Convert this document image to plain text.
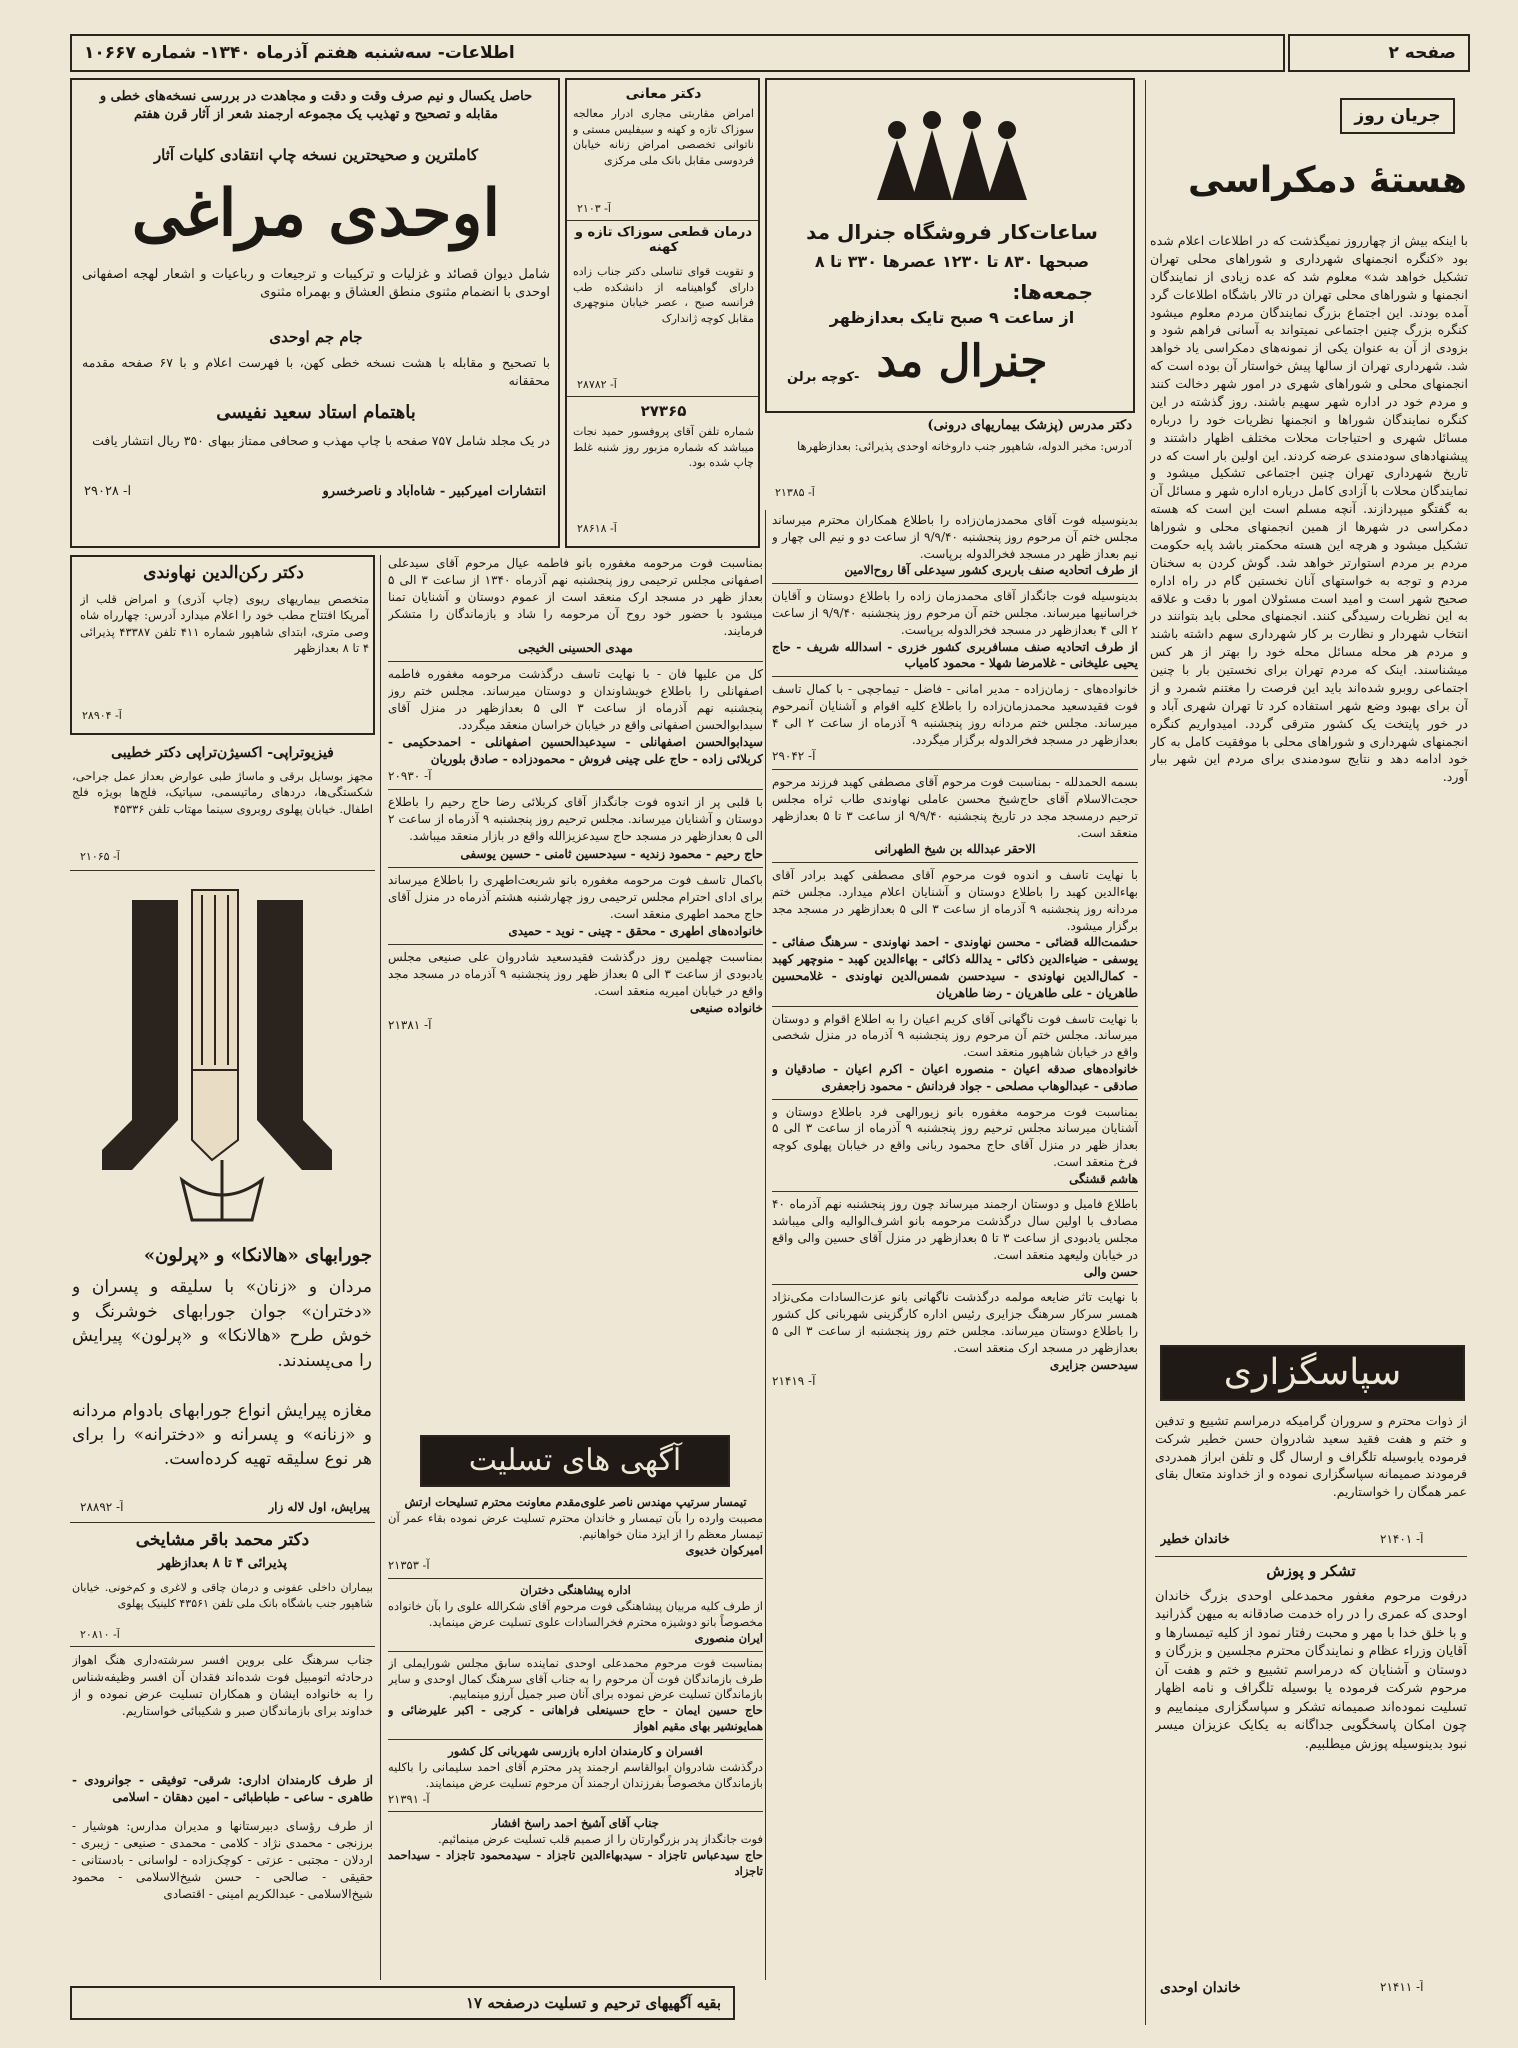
اطلاعات- سه‌شنبه هفتم آذرماه ۱۳۴۰- شماره ۱۰۶۶۷	صفحه ۲
جریان روز
هستهٔ دمکراسی
با اینکه بیش از چهارروز نمیگذشت که در اطلاعات اعلام شده بود «کنگره انجمنهای شهرداری و شوراهای محلی تهران تشکیل خواهد شد» معلوم شد که عده زیادی از نمایندگان انجمنها و شوراهای محلی تهران در تالار باشگاه اطلاعات گرد آمده بودند. این اجتماع بزرگ نمایندگان مردم معلوم میشود کنگره بزرگ چنین اجتماعی نمیتواند به آسانی فراهم شود و بزودی از آن به عنوان یکی از نمونه‌های دمکراسی یاد خواهد شد. شهرداری تهران از سالها پیش خواستار آن بوده است که انجمنهای محلی و شوراهای شهری در امور شهر دخالت کنند و مردم خود در اداره شهر سهیم باشند. روز گذشته در این کنگره نمایندگان شوراها و انجمنها نظریات خود را درباره مسائل شهری و احتیاجات محلات مختلف اظهار داشتند و پیشنهادهای سودمندی عرضه کردند. این اولین بار است که در تاریخ شهرداری تهران چنین اجتماعی تشکیل میشود و نمایندگان محلات با آزادی کامل درباره اداره شهر و مسائل آن به گفتگو میپردازند. آنچه مسلم است این است که هسته دمکراسی در شهرها از همین انجمنهای محلی و شوراها تشکیل میشود و هرچه این هسته محکمتر باشد پایه حکومت مردم بر مردم استوارتر خواهد شد. گوش کردن به سخنان مردم و توجه به خواستهای آنان نخستین گام در راه اداره صحیح شهر است و امید است مسئولان امور با دقت و علاقه به این نظریات رسیدگی کنند. انجمنهای محلی باید بتوانند در انتخاب شهردار و نظارت بر کار شهرداری سهم داشته باشند و مردم هر محله مسائل محله خود را بهتر از هر کس میشناسند. اینک که مردم تهران برای نخستین بار با چنین اجتماعی روبرو شده‌اند باید این فرصت را مغتنم شمرد و از آن برای بهبود وضع شهر استفاده کرد تا تهران شهری آباد و در خور پایتخت یک کشور مترقی گردد. امیدواریم کنگره انجمنهای شهرداری و شوراهای محلی با موفقیت کامل به کار خود ادامه دهد و نتایج سودمندی برای مردم این شهر ببار آورد.
سپاسگزاری
از ذوات محترم و سروران گرامیکه درمراسم تشییع و تدفین و ختم و هفت فقید سعید شادروان حسن خطیر شرکت فرموده یابوسیله تلگراف و ارسال گل و تلفن ابراز همدردی فرمودند صمیمانه سپاسگزاری نموده و از خداوند متعال بقای عمر همگان را خواستاریم.
خاندان خطیر	آ- ۲۱۴۰۱
تشکر و پوزش
درفوت مرحوم مغفور محمدعلی اوحدی بزرگ خاندان اوحدی که عمری را در راه خدمت صادقانه به میهن گذرانید و با خلق خدا با مهر و محبت رفتار نمود از کلیه تیمسارها و آقایان وزراء عظام و نمایندگان محترم مجلسین و بزرگان و دوستان و آشنایان که درمراسم تشییع و ختم و هفت آن مرحوم شرکت فرموده یا بوسیله تلگراف و نامه اظهار تسلیت نموده‌اند صمیمانه تشکر و سپاسگزاری مینماییم و چون امکان پاسخگویی جداگانه به یکایک عزیزان میسر نبود بدینوسیله پوزش میطلبیم.
خاندان اوحدی	آ- ۲۱۴۱۱
ساعات‌کار فروشگاه جنرال مد
صبحها ۸۳۰ تا ۱۲۳۰ عصرها ۳۳۰ تا ۸
جمعه‌ها:
از ساعت ۹ صبح تایک بعدازظهر
جنرال مد
-کوچه برلن
دکتر معانی
امراض مقاربتی مجاری ادرار معالجه سوزاک تازه و کهنه و سیفلیس مستی و ناتوانی تخصصی امراض زنانه خیابان فردوسی مقابل بانک ملی مرکزی
آ- ۲۱۰۳
درمان قطعی سوزاک تازه و کهنه
و تقویت قوای تناسلی دکتر جناب زاده دارای گواهینامه از دانشکده طب فرانسه صبح ، عصر خیابان منوچهری مقابل کوچه ژاندارک
آ- ۲۸۷۸۲
۲۷۳۶۵
شماره تلفن آقای پروفسور حمید نجات میباشد که شماره مزبور روز شنبه غلط چاپ شده بود.
آ- ۲۸۶۱۸
دکتر مدرس (پزشک بیماریهای درونی)
آدرس: مخبر الدوله، شاهپور جنب داروخانه اوحدی پذیرائی: بعدازظهرها
آ- ۲۱۳۸۵
حاصل یکسال و نیم صرف وقت و دقت و مجاهدت در بررسی نسخه‌های خطی و مقابله و تصحیح و تهذیب یک مجموعه ارجمند شعر از آثار قرن هفتم
کاملترین و صحیحترین نسخه چاپ انتقادی کلیات آثار
اوحدی مراغی
شامل دیوان قصائد و غزلیات و ترکیبات و ترجیعات و رباعیات و اشعار لهجه اصفهانی اوحدی با انضمام مثنوی منطق العشاق و بهمراه مثنوی
جام جم اوحدی
با تصحیح و مقابله با هشت نسخه خطی کهن، با فهرست اعلام و با ۶۷ صفحه مقدمه محققانه
باهتمام استاد سعید نفیسی
در یک مجلد شامل ۷۵۷ صفحه با چاپ مهذب و صحافی ممتاز ببهای ۳۵۰ ریال انتشار یافت
انتشارات امیرکبیر - شاه‌آباد و ناصرخسرو
آ- ۲۹۰۲۸
دکتر رکن‌الدین نهاوندی
متخصص بیماریهای ریوی (چاپ آذری) و امراض قلب از آمریکا افتتاح مطب خود را اعلام میدارد آدرس: چهارراه شاه وصی متری، ابتدای شاهپور شماره ۴۱۱ تلفن ۴۳۳۸۷ پذیرائی ۴ تا ۸ بعدازظهر
آ- ۲۸۹۰۴
فیزیوتراپی- اکسیژن‌تراپی دکتر خطیبی
مجهز بوسایل برقی و ماساژ طبی عوارض بعداز عمل جراحی، شکستگی‌ها، دردهای رماتیسمی، سیاتیک، فلج‌ها بویژه فلج اطفال. خیابان پهلوی روبروی سینما مهتاب تلفن ۴۵۳۳۶
آ- ۲۱۰۶۵
جورابهای «هالانکا» و «پرلون»
مردان و «زنان» با سلیقه و پسران و «دختران» جوان جورابهای خوشرنگ و خوش طرح «هالانکا» و «پرلون» پیرایش را می‌پسندند.
مغازه پیرایش انواع جورابهای بادوام مردانه و «زنانه» و پسرانه و «دخترانه» را برای هر نوع سلیقه تهیه کرده‌است.
آ- ۲۸۸۹۲	پیرایش، اول لاله زار
دکتر محمد باقر مشایخی
پذیرائی ۴ تا ۸ بعدازظهر
بیماران داخلی عفونی و درمان چاقی و لاغری و کم‌خونی. خیابان شاهپور جنب باشگاه بانک ملی تلفن ۴۳۵۶۱ کلینیک پهلوی
آ- ۲۰۸۱۰
جناب سرهنگ علی بروین افسر سرشته‌داری هنگ اهواز درحادثه اتومبیل فوت شده‌اند فقدان آن افسر وظیفه‌شناس را به خانواده ایشان و همکاران تسلیت عرض نموده و از خداوند برای بازماندگان صبر و شکیبائی خواستاریم.
از طرف کارمندان اداری: شرقی- توفیقی - جوانرودی - طاهری - ساعی - طباطبائی - امین دهقان - اسلامی
از طرف رؤسای دبیرستانها و مدیران مدارس: هوشیار - برزنجی - محمدی نژاد - کلامی - محمدی - صنیعی - زیبری - اردلان - مجتبی - عزتی - کوچک‌زاده - لواسانی - بادستانی - حقیقی - صالحی - حسن شیخ‌الاسلامی - محمود شیخ‌الاسلامی - عبدالکریم امینی - اقتصادی
بقیه آگهیهای ترحیم و تسلیت درصفحه ۱۷
بمناسبت فوت مرحومه مغفوره بانو فاطمه عیال مرحوم آقای سیدعلی اصفهانی مجلس ترحیمی روز پنجشنبه نهم آذرماه ۱۳۴۰ از ساعت ۳ الی ۵ بعداز ظهر در مسجد ارک منعقد است از عموم دوستان و آشنایان تمنا میشود با حضور خود روح آن مرحومه را شاد و بازماندگان را متشکر فرمایند.
مهدی الحسینی الخیجی
کل من علیها فان - با نهایت تاسف درگذشت مرحومه مغفوره فاطمه اصفهانلی را باطلاع خویشاوندان و دوستان میرساند. مجلس ختم روز پنجشنبه نهم آذرماه از ساعت ۳ الی ۵ بعدازظهر در منزل آقای سیدابوالحسن اصفهانی واقع در خیابان خراسان منعقد میگردد.
سیدابوالحسن اصفهانلی - سیدعبدالحسین اصفهانلی - احمدحکیمی - کربلائی زاده - حاج علی چینی فروش - محمودزاده - صادق بلوریان
آ- ۲۰۹۳۰
با قلبی پر از اندوه فوت جانگداز آقای کربلائی رضا حاج رحیم را باطلاع دوستان و آشنایان میرساند. مجلس ترحیم روز پنجشنبه ۹ آذرماه از ساعت ۲ الی ۵ بعدازظهر در مسجد حاج سیدعزیزالله واقع در بازار منعقد میباشد.
حاج رحیم - محمود زندیه - سیدحسین ثامنی - حسین یوسفی
باکمال تاسف فوت مرحومه مغفوره بانو شریعت‌اطهری را باطلاع میرساند برای ادای احترام مجلس ترحیمی روز چهارشنبه هشتم آذرماه در منزل آقای حاج محمد اطهری منعقد است.
خانواده‌های اطهری - محقق - چینی - نوید - حمیدی
بمناسبت چهلمین روز درگذشت فقیدسعید شادروان علی صنیعی مجلس یادبودی از ساعت ۳ الی ۵ بعداز ظهر روز پنجشنبه ۹ آذرماه در مسجد مجد واقع در خیابان امیریه منعقد است.
خانواده صنیعی
آ- ۲۱۳۸۱
آگهی های تسلیت
تیمسار سرتیپ مهندس ناصر علوی‌مقدم معاونت محترم تسلیحات ارتش
مصیبت وارده را بآن تیمسار و خاندان محترم تسلیت عرض نموده بقاء عمر آن تیمسار معظم را از ایزد منان خواهانیم.
امیرکوان خدیوی
آ- ۲۱۳۵۳
اداره پیشاهنگی دختران
از طرف کلیه مربیان پیشاهنگی فوت مرحوم آقای شکرالله علوی را بآن خانواده مخصوصاً بانو دوشیزه محترم فخرالسادات علوی تسلیت عرض مینماید.
ایران منصوری
بمناسبت فوت مرحوم محمدعلی اوحدی نماینده سابق مجلس شورایملی از طرف بازماندگان فوت آن مرحوم را به جناب آقای سرهنگ کمال اوحدی و سایر بازماندگان تسلیت عرض نموده برای آنان صبر جمیل آرزو مینماییم.
حاج حسین ایمان - حاج حسینعلی فراهانی - کرجی - اکبر علیرضائی و همایونشیر بهای مقیم اهواز
افسران و کارمندان اداره بازرسی شهربانی کل کشور
درگذشت شادروان ابوالقاسم ارجمند پدر محترم آقای احمد سلیمانی را باکلیه بازماندگان مخصوصاً بفرزندان ارجمند آن مرحوم تسلیت عرض مینمایند.
آ- ۲۱۳۹۱
جناب آقای آشیخ احمد راسخ افشار
فوت جانگداز پدر بزرگوارتان را از صمیم قلب تسلیت عرض مینمائیم.
حاج سیدعباس تاجزاد - سیدبهاءالدین تاجزاد - سیدمحمود تاجزاد - سیداحمد تاجزاد
بدینوسیله فوت آقای محمدزمان‌زاده را باطلاع همکاران محترم میرساند مجلس ختم آن مرحوم روز پنجشنبه ۹/۹/۴۰ از ساعت دو و نیم الی چهار و نیم بعداز ظهر در مسجد فخرالدوله برپاست.
از طرف اتحادیه صنف باربری کشور سیدعلی آقا روح‌الامین
بدینوسیله فوت جانگداز آقای محمدزمان زاده را باطلاع دوستان و آقایان خراسانیها میرساند. مجلس ختم آن مرحوم روز پنجشنبه ۹/۹/۴۰ از ساعت ۲ الی ۴ بعدازظهر در مسجد فخرالدوله برپاست.
از طرف اتحادیه صنف مسافربری کشور خزری - اسدالله شریف - حاج یحیی علیخانی - غلامرضا شهلا - محمود کامیاب
خانواده‌های - زمان‌زاده - مدیر امانی - فاضل - تیماجچی - با کمال تاسف فوت فقیدسعید محمدزمان‌زاده را باطلاع کلیه اقوام و آشنایان آنمرحوم میرساند. مجلس ختم مردانه روز پنجشنبه ۹ آذرماه از ساعت ۲ الی ۴ بعدازظهر در مسجد فخرالدوله برگزار میگردد.
آ- ۲۹۰۴۲
بسمه الحمدلله - بمناسبت فوت مرحوم آقای مصطفی کهبد فرزند مرحوم حجت‌الاسلام آقای حاج‌شیخ محسن عاملی نهاوندی طاب ثراه مجلس ترحیم درمسجد مجد در تاریخ پنجشنبه ۹/۹/۴۰ از ساعت ۳ تا ۵ بعدازظهر منعقد است.
الاحقر عبدالله بن شیخ الطهرانی
با نهایت تاسف و اندوه فوت مرحوم آقای مصطفی کهبد برادر آقای بهاءالدین کهبد را باطلاع دوستان و آشنایان اعلام میدارد. مجلس ختم مردانه روز پنجشنبه ۹ آذرماه از ساعت ۳ الی ۵ بعدازظهر در مسجد مجد برگزار میشود.
حشمت‌الله قضائی - محسن نهاوندی - احمد نهاوندی - سرهنگ صفائی - یوسفی - ضیاءالدین ذکائی - یدالله ذکائی - بهاءالدین کهبد - منوچهر کهبد - کمال‌الدین نهاوندی - سیدحسن شمس‌الدین نهاوندی - غلامحسین طاهریان - علی طاهریان - رضا طاهریان
با نهایت تاسف فوت ناگهانی آقای کریم اعیان را به اطلاع اقوام و دوستان میرساند. مجلس ختم آن مرحوم روز پنجشنبه ۹ آذرماه در منزل شخصی واقع در خیابان شاهپور منعقد است.
خانواده‌های صدقه اعیان - منصوره اعیان - اکرم اعیان - صادقیان و صادقی - عبدالوهاب مصلحی - جواد فردانش - محمود زاجعفری
بمناسبت فوت مرحومه مغفوره بانو زیورالهی فرد باطلاع دوستان و آشنایان میرساند مجلس ترحیم روز پنجشنبه ۹ آذرماه از ساعت ۳ الی ۵ بعداز ظهر در منزل آقای حاج محمود ربانی واقع در خیابان پهلوی کوچه فرخ منعقد است.
هاشم قشنگی
باطلاع فامیل و دوستان ارجمند میرساند چون روز پنجشنبه نهم آذرماه ۴۰ مصادف با اولین سال درگذشت مرحومه بانو اشرف‌الوالیه والی میباشد مجلس یادبودی از ساعت ۳ تا ۵ بعدازظهر در منزل آقای حسین والی واقع در خیابان ولیعهد منعقد است.
حسن والی
با نهایت تاثر ضایعه مولمه درگذشت ناگهانی بانو عزت‌السادات مکی‌نژاد همسر سرکار سرهنگ جزایری رئیس اداره کارگزینی شهربانی کل کشور را باطلاع دوستان میرساند. مجلس ختم روز پنجشنبه از ساعت ۳ الی ۵ بعدازظهر در مسجد ارک منعقد است.
سیدحسن جزایری
آ- ۲۱۴۱۹
